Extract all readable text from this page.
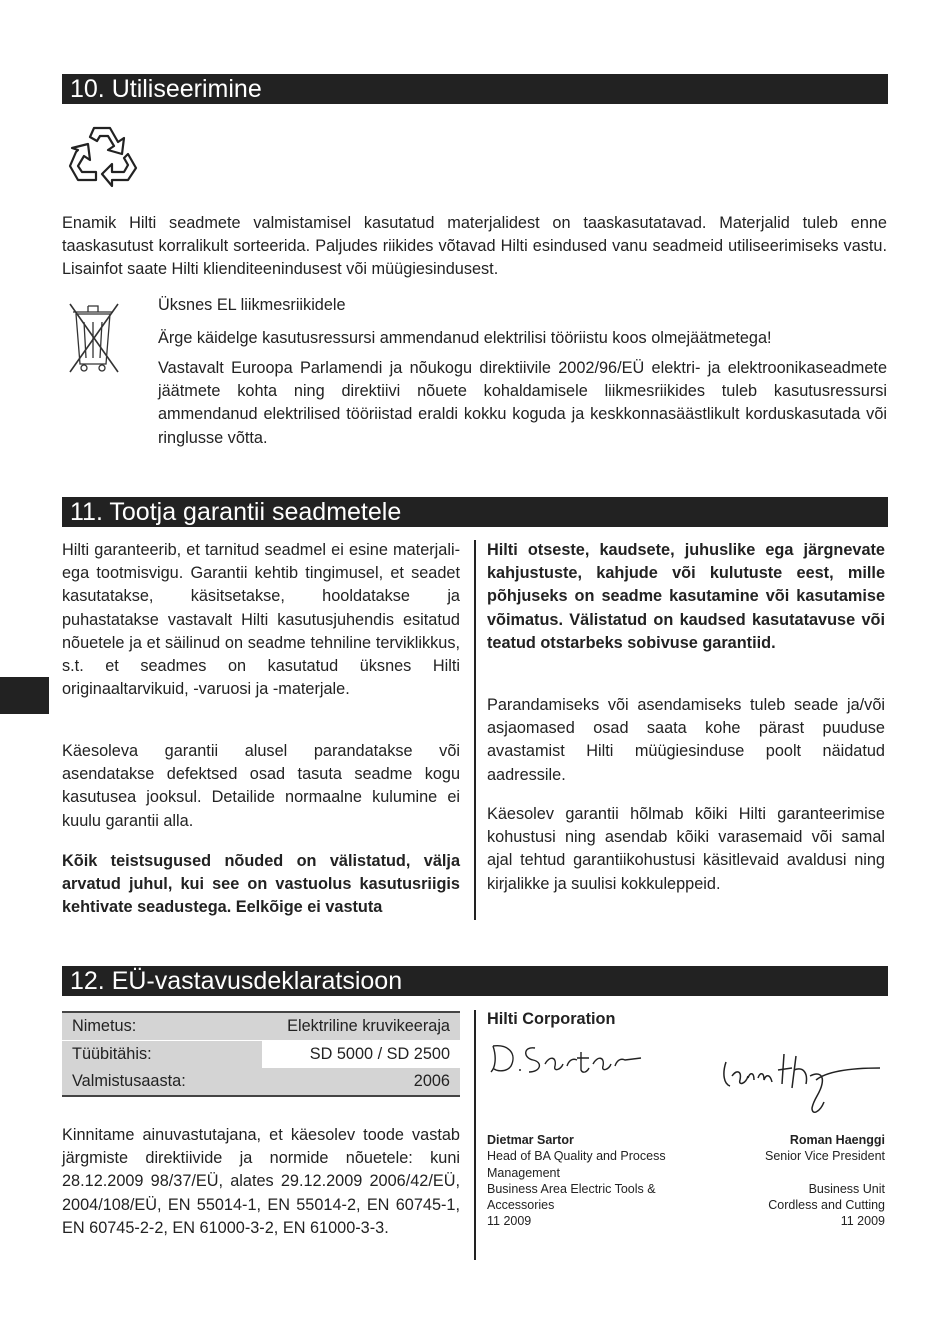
10. Utiliseerimine
Enamik Hilti seadmete valmistamisel kasutatud materjalidest on taaskasutatavad. Materjalid tuleb enne taaskasutust korralikult sorteerida. Paljudes riikides võtavad Hilti esindused vanu seadmeid utiliseerimiseks vastu. Lisainfot saate Hilti klienditeenindusest või müügiesindusest.
Üksnes EL liikmesriikidele
Ärge käidelge kasutusressursi ammendanud elektrilisi tööriistu koos olmejäätmetega!
Vastavalt Euroopa Parlamendi ja nõukogu direktiivile 2002/96/EÜ elektri- ja elektroonikaseadmete jäätmete kohta ning direktiivi nõuete kohaldamisele liikmesriikides tuleb kasutusressursi ammendanud elektrilised tööriistad eraldi kokku koguda ja keskkonnasäästlikult korduskasutada või ringlusse võtta.
11. Tootja garantii seadmetele
Hilti garanteerib, et tarnitud seadmel ei esine materjali- ega tootmisvigu. Garantii kehtib tingimusel, et seadet kasutatakse, käsitsetakse, hooldatakse ja puhastatakse vastavalt Hilti kasutusjuhendis esitatud nõuetele ja et säilinud on seadme tehniline terviklikkus, s.t. et seadmes on kasutatud üksnes Hilti originaaltarvikuid, -varuosi ja -materjale.
Käesoleva garantii alusel parandatakse või asendatakse defektsed osad tasuta seadme kogu kasutusea jooksul. Detailide normaalne kulumine ei kuulu garantii alla.
Kõik teistsugused nõuded on välistatud, välja arvatud juhul, kui see on vastuolus kasutusriigis kehtivate seadustega. Eelkõige ei vastuta
Hilti otseste, kaudsete, juhuslike ega järgnevate kahjustuste, kahjude või kulutuste eest, mille põhjuseks on seadme kasutamine või kasutamise võimatus. Välistatud on kaudsed kasutatavuse või teatud otstarbeks sobivuse garantiid.
Parandamiseks või asendamiseks tuleb seade ja/või asjaomased osad saata kohe pärast puuduse avastamist Hilti müügiesinduse poolt näidatud aadressile.
Käesolev garantii hõlmab kõiki Hilti garanteerimise kohustusi ning asendab kõiki varasemaid või samal ajal tehtud garantiikohustusi käsitlevaid avaldusi ning kirjalikke ja suulisi kokkuleppeid.
12. EÜ-vastavusdeklaratsioon
Nimetus:	Elektriline kruvikeeraja
Tüübitähis:	SD 5000 / SD 2500
Valmistusaasta:	2006
Kinnitame ainuvastutajana, et käesolev toode vastab järgmiste direktiivide ja normide nõuetele: kuni 28.12.2009 98/37/EÜ, alates 29.12.2009 2006/42/EÜ, 2004/108/EÜ, EN 55014-1, EN 55014-2, EN 60745-1, EN 60745-2-2, EN 61000-3-2, EN 61000-3-3.
Hilti Corporation
Dietmar Sartor
Head of BA Quality and Process
Management
Business Area Electric Tools &
Accessories
11 2009
Roman Haenggi
Senior Vice President
Business Unit
Cordless and Cutting
11 2009
